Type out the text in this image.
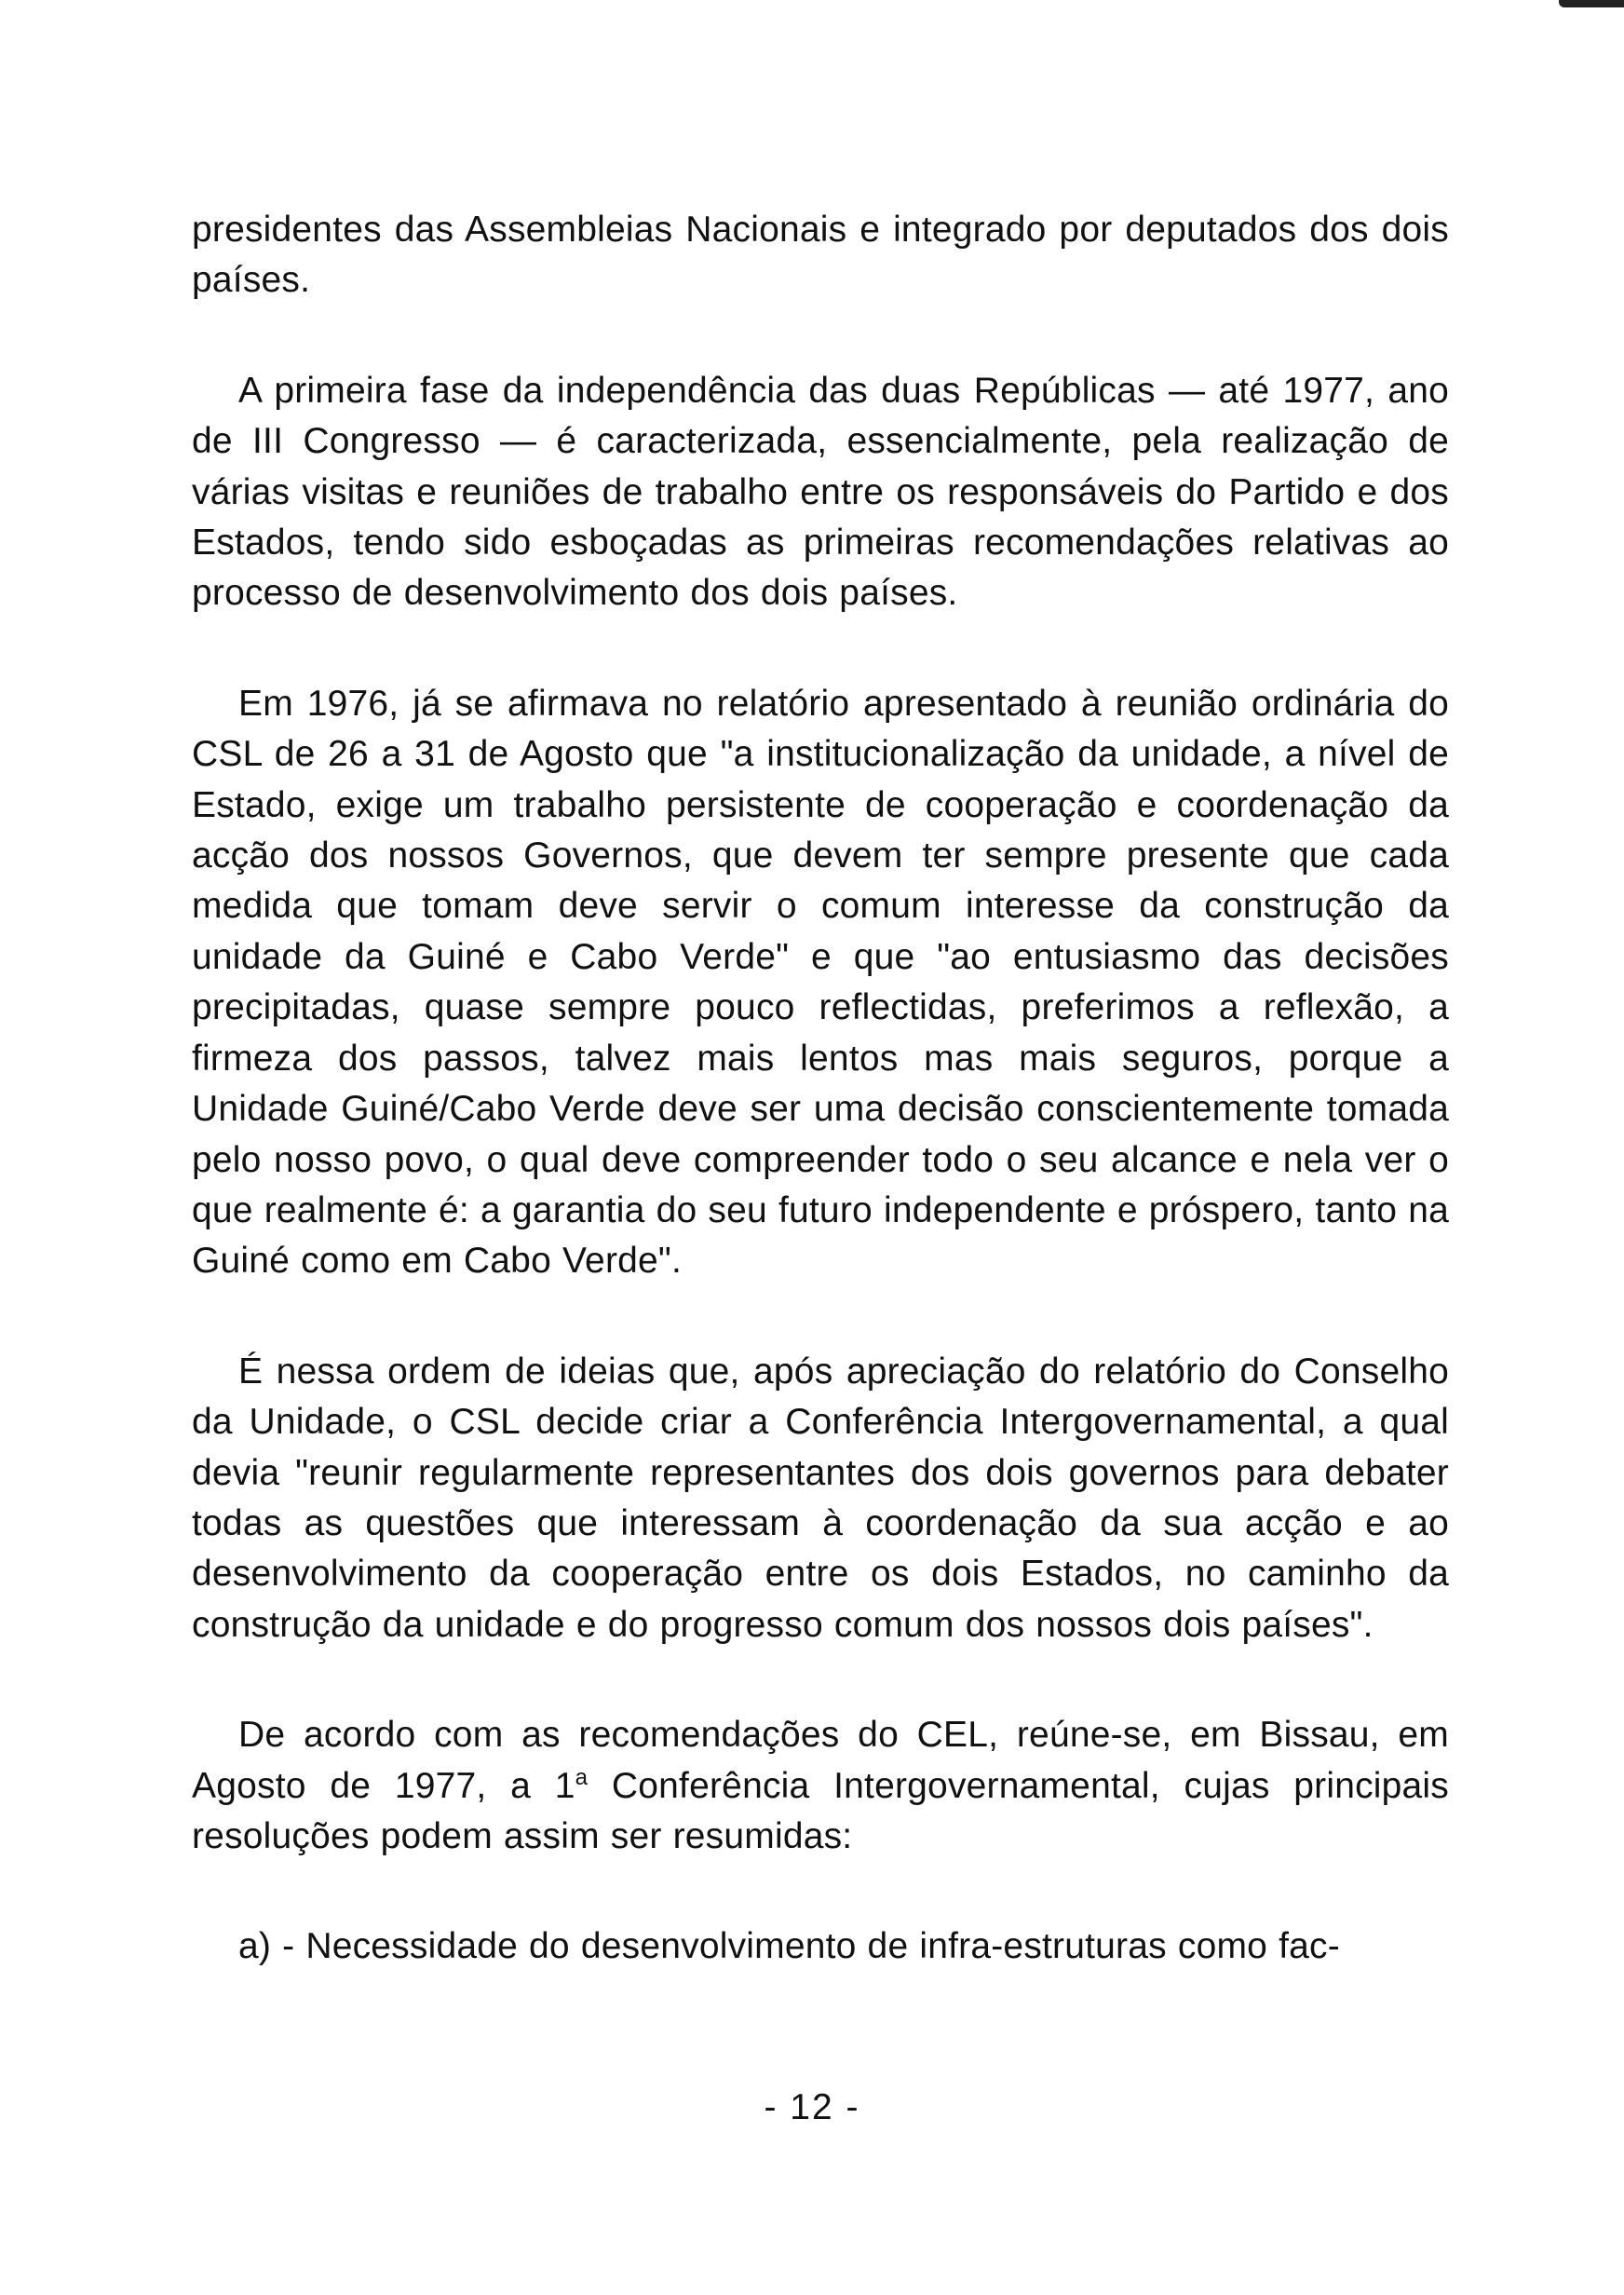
presidentes das Assembleias Nacionais e integrado por deputados dos dois países.

A primeira fase da independência das duas Repúblicas — até 1977, ano de III Congresso — é caracterizada, essencialmente, pela realização de várias visitas e reuniões de trabalho entre os responsáveis do Partido e dos Estados, tendo sido esboçadas as primeiras recomendações relativas ao processo de desenvolvimento dos dois países.

Em 1976, já se afirmava no relatório apresentado à reunião ordinária do CSL de 26 a 31 de Agosto que "a institucionalização da unidade, a nível de Estado, exige um trabalho persistente de cooperação e coordenação da acção dos nossos Governos, que devem ter sempre presente que cada medida que tomam deve servir o comum interesse da construção da unidade da Guiné e Cabo Verde" e que "ao entusiasmo das decisões precipitadas, quase sempre pouco reflectidas, preferimos a reflexão, a firmeza dos passos, talvez mais lentos mas mais seguros, porque a Unidade Guiné/Cabo Verde deve ser uma decisão conscientemente tomada pelo nosso povo, o qual deve compreender todo o seu alcance e nela ver o que realmente é: a garantia do seu futuro independente e próspero, tanto na Guiné como em Cabo Verde".

É nessa ordem de ideias que, após apreciação do relatório do Conselho da Unidade, o CSL decide criar a Conferência Intergovernamental, a qual devia "reunir regularmente representantes dos dois governos para debater todas as questões que interessam à coordenação da sua acção e ao desenvolvimento da cooperação entre os dois Estados, no caminho da construção da unidade e do progresso comum dos nossos dois países".

De acordo com as recomendações do CEL, reúne-se, em Bissau, em Agosto de 1977, a 1$^a$ Conferência Intergovernamental, cujas principais resoluções podem assim ser resumidas:

a) - Necessidade do desenvolvimento de infra-estruturas como fac-

- 12 -
